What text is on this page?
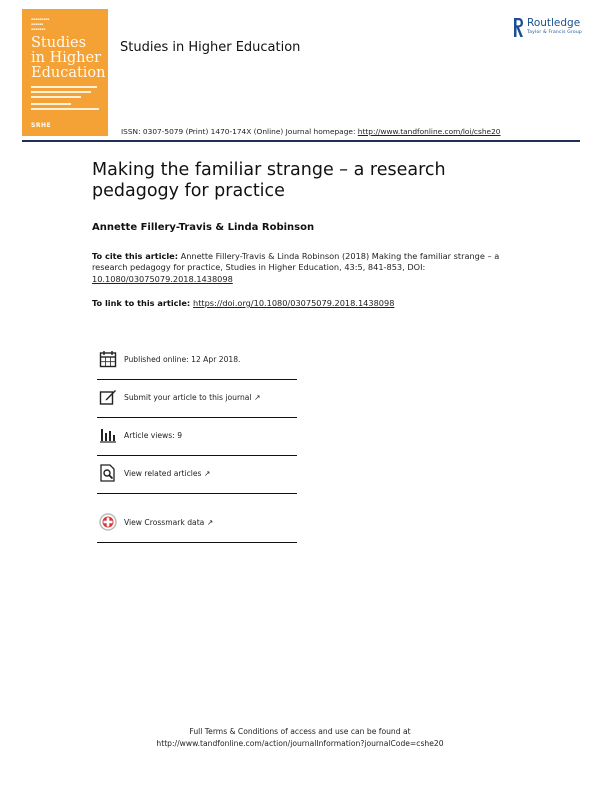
▪▪▪▪▪▪▪▪▪
▪▪▪▪▪▪
▪▪▪▪▪▪▪
Studies
in Higher
Education
SRHE
Studies in Higher Education
Routledge
Taylor & Francis Group
ISSN: 0307-5079 (Print) 1470-174X (Online) Journal homepage: http://www.tandfonline.com/loi/cshe20
Making the familiar strange – a research pedagogy for practice
Annette Fillery-Travis & Linda Robinson
To cite this article: Annette Fillery-Travis & Linda Robinson (2018) Making the familiar strange – a research pedagogy for practice, Studies in Higher Education, 43:5, 841-853, DOI: 10.1080/03075079.2018.1438098
To link to this article: https://doi.org/10.1080/03075079.2018.1438098
Published online: 12 Apr 2018.
Submit your article to this journal ↗
Article views: 9
View related articles ↗
View Crossmark data ↗
Full Terms & Conditions of access and use can be found at
http://www.tandfonline.com/action/journalInformation?journalCode=cshe20
